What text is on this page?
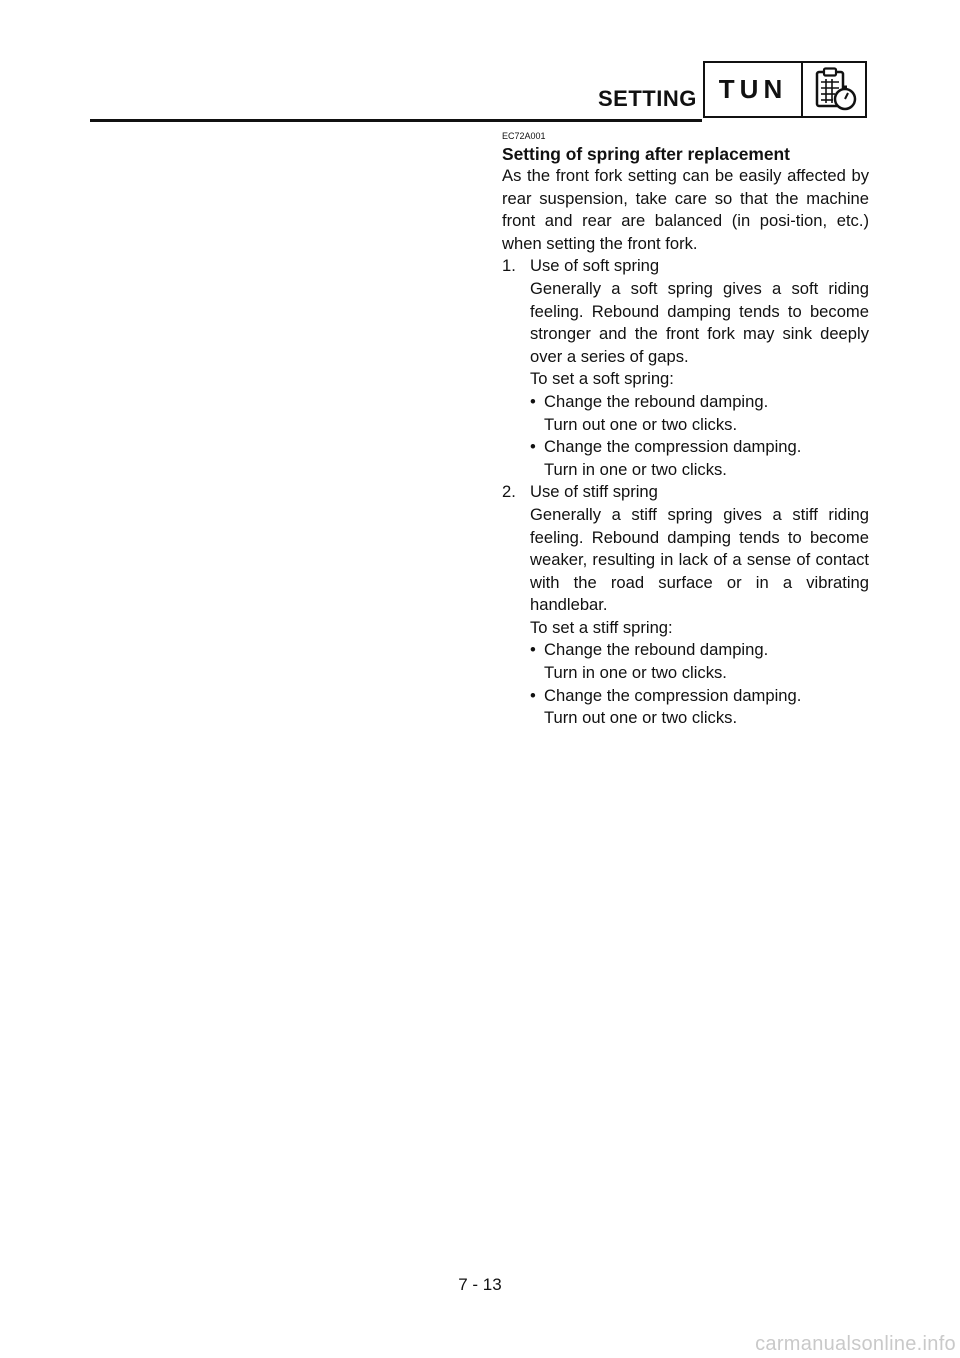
SETTING TUN
EC72A001
Setting of spring after replacement

As the front fork setting can be easily affected by rear suspension, take care so that the machine front and rear are balanced (in posi-tion, etc.) when setting the front fork.

1. Use of soft spring

Generally a soft spring gives a soft riding feeling. Rebound damping tends to become stronger and the front fork may sink deeply over a series of gaps.

To set a soft spring:
• Change the rebound damping.
Turn out one or two clicks.
• Change the compression damping.
Turn in one or two clicks.
2. Use of stiff spring

Generally a stiff spring gives a stiff riding feeling. Rebound damping tends to become weaker, resulting in lack of a sense of contact with the road surface or in a vibrating handlebar.

To set a stiff spring:
• Change the rebound damping.
Turn in one or two clicks.
• Change the compression damping.
Turn out one or two clicks.
7 - 13
carmanualsonline.info
